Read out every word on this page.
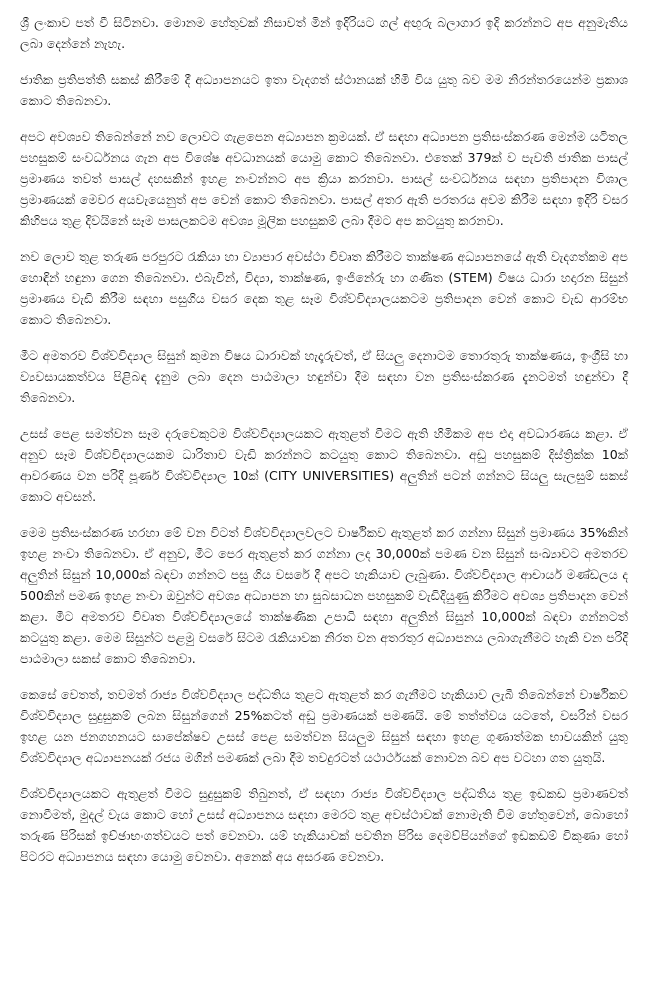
ශ්‍රී ලංකාව පත් වී සිටිනවා. මොනම හේතුවක් නිසාවත් මින් ඉදිරියට ගල් අඟුරු බලාගාර ඉදි කරන්නට අප අනුමැතිය ලබා දෙන්නේ නැහැ.

ජාතික ප්‍රතිපත්ති සකස් කිරීමේ දී අධ්‍යාපනයට ඉතා වැදගත් ස්ථානයක් හිමි විය යුතු බව මම නිරන්තරයෙන්ම ප්‍රකාශ කොට තිබෙනවා.

අපට අවශ්‍යව තිබෙන්නේ නව ලොවට ගැළපෙන අධ්‍යාපන ක්‍රමයක්. ඒ සඳහා අධ්‍යාපන ප්‍රතිසංස්කරණ මෙන්ම යටිතල පහසුකම් සංවර්ධනය ගැන අප විශේෂ අවධානයක් යොමු කොට තිබෙනවා. එතෙක් 379ක් ව පැවති ජාතික පාසල් ප්‍රමාණය තවත් පාසල් දහසකින් ඉහළ නංවන්නට අප ක්‍රියා කරනවා. පාසල් සංවර්ධනය සඳහා ප්‍රතිපාදන විශාල ප්‍රමාණයක් මෙවර අයවැයෙනුත් අප වෙන් කොට තිබෙනවා. පාසල් අතර ඇති පරතරය අවම කිරීම සඳහා ඉදිරි වසර කිහිපය තුළ දිවයිනේ සෑම පාසලකටම අවශ්‍ය මූලික පහසුකම් ලබා දීමට අප කටයුතු කරනවා.

නව ලොව තුළ තරුණ පරපුරට රැකියා හා ව්‍යාපාර අවස්ථා විවෘත කිරීමට තාක්ෂණ අධ්‍යාපනයේ ඇති වැදගත්කම අප හොඳින් හඳුනා ගෙන තිබෙනවා. එබැවින්, විද්‍යා, තාක්ෂණ, ඉංජිනේරු හා ගණිත (STEM) විෂය ධාරා හදාරන සිසුන් ප්‍රමාණය වැඩි කිරීම සඳහා පසුගිය වසර දෙක තුළ සෑම විශ්වවිද්‍යාලයකටම ප්‍රතිපාදන වෙන් කොට වැඩ ආරම්භ කොට තිබෙනවා.

මීට අමතරව විශ්වවිද්‍යාල සිසුන් කුමන විෂය ධාරාවක් හැදෑරුවත්, ඒ සියලු දෙනාටම තොරතුරු තාක්ෂණය, ඉංග්‍රීසි හා ව්‍යවසායකත්වය පිළිබඳ දැනුම ලබා දෙන පාඨමාලා හඳුන්වා දීම සඳහා වන ප්‍රතිසංස්කරණ දැනටමත් හඳුන්වා දී තිබෙනවා.

උසස් පෙළ සමත්වන සෑම දරුවෙකුටම විශ්වවිද්‍යාලයකට ඇතුළත් වීමට ඇති හිමිකම අප එදා අවධාරණය කළා. ඒ අනුව සෑම විශ්වවිද්‍යාලයකම ධාරිතාව වැඩි කරන්නට කටයුතු කොට තිබෙනවා. අඩු පහසුකම් දිස්ත්‍රික්ක 10ක් ආවරණය වන පරිදි පූර්ණ විශ්වවිද්‍යාල 10ක් (CITY UNIVERSITIES) අලුතින් පටන් ගන්නට සියලු සැලසුම් සකස් කොට අවසන්.

මෙම ප්‍රතිසංස්කරණ හරහා මේ වන විටත් විශ්වවිද්‍යාලවලට වාර්ෂිකව ඇතුළත් කර ගන්නා සිසුන් ප්‍රමාණය 35%කින් ඉහළ නංවා තිබෙනවා. ඒ අනුව, මීට පෙර ඇතුළත් කර ගන්නා ලද 30,000ක් පමණ වන සිසුන් සංඛ්‍යාවට අමතරව අලුතින් සිසුන් 10,000ක් බඳවා ගන්නට පසු ගිය වසරේ දී අපට හැකියාව ලැබුණා. විශ්වවිද්‍යාල ආචාර්ය මණ්ඩලය ද 500කින් පමණ ඉහළ නංවා ඔවුන්ට අවශ්‍ය අධ්‍යාපන හා සුබසාධන පහසුකම් වැඩිදියුණු කිරීමට අවශ්‍ය ප්‍රතිපාදන වෙන් කළා. මීට අමතරව විවෘත විශ්වවිද්‍යාලයේ තාක්ෂණික උපාධි සඳහා අලුතින් සිසුන් 10,000ක් බඳවා ගන්නටත් කටයුතු කළා. මෙම සිසුන්ට පළමු වසරේ සිටම රැකියාවක නිරත වන අතරතුර අධ්‍යාපනය ලබාගැනීමට හැකි වන පරිදි පාඨමාලා සකස් කොට තිබෙනවා.

කෙසේ වෙතත්, තවමත් රාජ්‍ය විශ්වවිද්‍යාල පද්ධතිය තුළට ඇතුළත් කර ගැනීමට හැකියාව ලැබී තිබෙන්නේ වාර්ෂිකව විශ්වවිද්‍යාල සුදුසුකම් ලබන සිසුන්ගෙන් 25%කටත් අඩු ප්‍රමාණයක් පමණයි. මේ තත්ත්වය යටතේ, වසරින් වසර ඉහළ යන ජනගහනයට සාපේක්ෂව උසස් පෙළ සමත්වන සියලුම සිසුන් සඳහා ඉහළ ගුණාත්මක භාවයකින් යුතු විශ්වවිද්‍යාල අධ්‍යාපනයක් රජය මගින් පමණක් ලබා දීම තවදුරටත් යථාර්ථයක් නොවන බව අප වටහා ගත යුතුයි.

විශ්වවිද්‍යාලයකට ඇතුළත් වීමට සුදුසුකම් තිබුනත්, ඒ සඳහා රාජ්‍ය විශ්වවිද්‍යාල පද්ධතිය තුළ ඉඩකඩ ප්‍රමාණවත් නොවීමත්, මුදල් වැය කොට හෝ උසස් අධ්‍යාපනය සඳහා මෙරට තුළ අවස්ථාවක් නොමැති වීම හේතුවෙන්, බොහෝ තරුණ පිරිසක් ඉච්ඡාභංගත්වයට පත් වෙනවා. යම් හැකියාවක් පවතින පිරිස දෙමව්පියන්ගේ ඉඩකඩම් විකුණා හෝ පිටරට අධ්‍යාපනය සඳහා යොමු වෙනවා. අනෙක් අය අසරණ වෙනවා.
